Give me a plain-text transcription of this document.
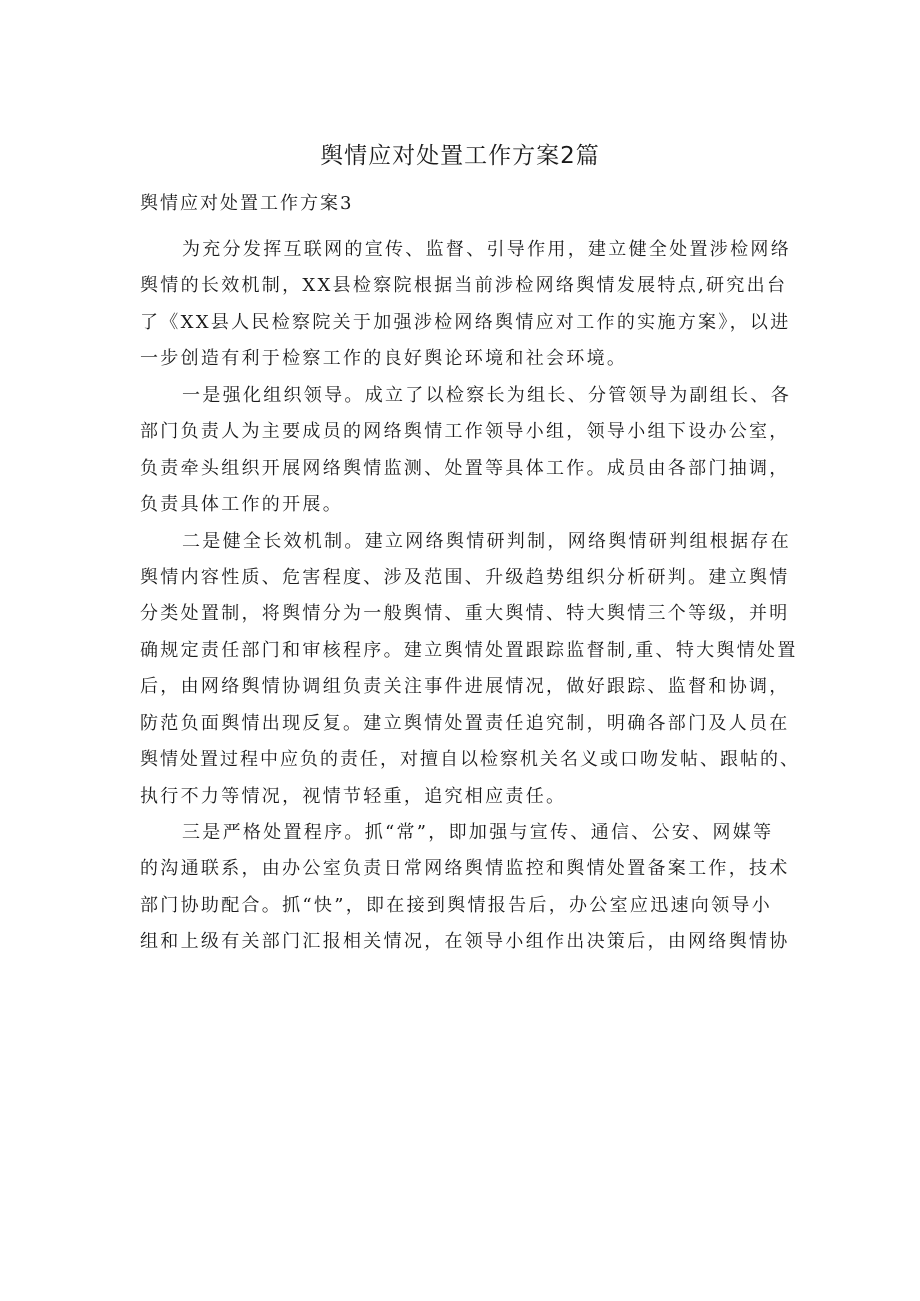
舆情应对处置工作方案2篇
舆情应对处置工作方案3
为充分发挥互联网的宣传、监督、引导作用，建立健全处置涉检网络
舆情的长效机制，XX县检察院根据当前涉检网络舆情发展特点,研究出台
了《XX县人民检察院关于加强涉检网络舆情应对工作的实施方案》，以进
一步创造有利于检察工作的良好舆论环境和社会环境。
一是强化组织领导。成立了以检察长为组长、分管领导为副组长、各
部门负责人为主要成员的网络舆情工作领导小组，领导小组下设办公室，
负责牵头组织开展网络舆情监测、处置等具体工作。成员由各部门抽调，
负责具体工作的开展。
二是健全长效机制。建立网络舆情研判制，网络舆情研判组根据存在
舆情内容性质、危害程度、涉及范围、升级趋势组织分析研判。建立舆情
分类处置制，将舆情分为一般舆情、重大舆情、特大舆情三个等级，并明
确规定责任部门和审核程序。建立舆情处置跟踪监督制,重、特大舆情处置
后，由网络舆情协调组负责关注事件进展情况，做好跟踪、监督和协调，
防范负面舆情出现反复。建立舆情处置责任追究制，明确各部门及人员在
舆情处置过程中应负的责任，对擅自以检察机关名义或口吻发帖、跟帖的、
执行不力等情况，视情节轻重，追究相应责任。
三是严格处置程序。抓“常”，即加强与宣传、通信、公安、网媒等
的沟通联系，由办公室负责日常网络舆情监控和舆情处置备案工作，技术
部门协助配合。抓“快”，即在接到舆情报告后，办公室应迅速向领导小
组和上级有关部门汇报相关情况，在领导小组作出决策后，由网络舆情协
